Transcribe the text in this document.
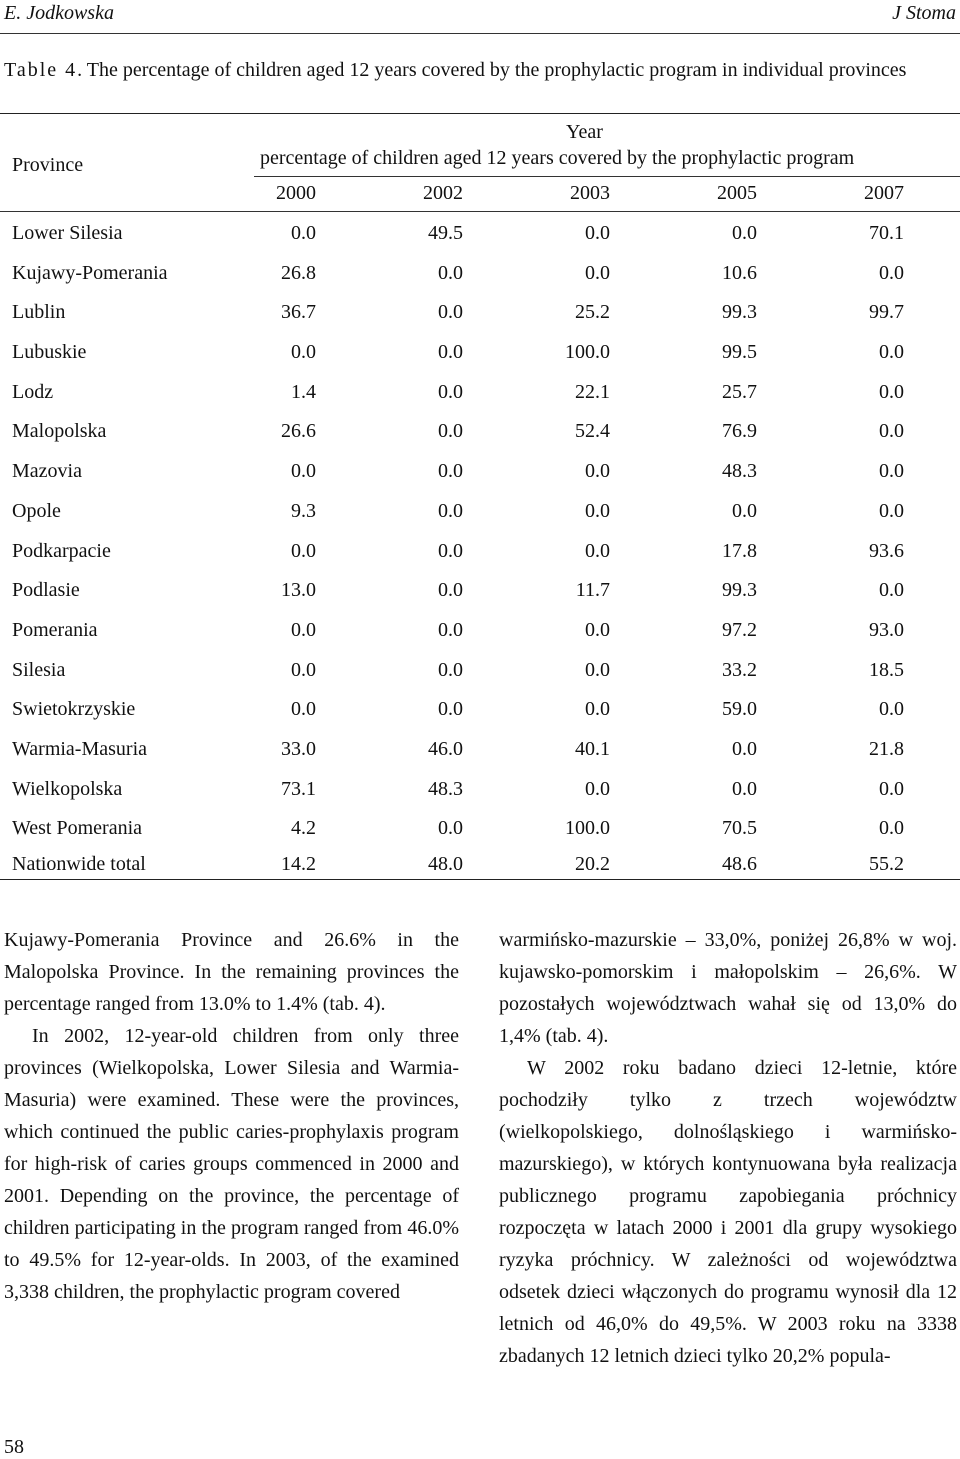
E. Jodkowska	J Stoma
Table 4. The percentage of children aged 12 years covered by the prophylactic program in individual provinces
Province
Year
percentage of children aged 12 years covered by the prophylactic program
2000	2002	2003	2005	2007
Lower Silesia	0.0	49.5	0.0	0.0	70.1
Kujawy-Pomerania	26.8	0.0	0.0	10.6	0.0
Lublin	36.7	0.0	25.2	99.3	99.7
Lubuskie	0.0	0.0	100.0	99.5	0.0
Lodz	1.4	0.0	22.1	25.7	0.0
Malopolska	26.6	0.0	52.4	76.9	0.0
Mazovia	0.0	0.0	0.0	48.3	0.0
Opole	9.3	0.0	0.0	0.0	0.0
Podkarpacie	0.0	0.0	0.0	17.8	93.6
Podlasie	13.0	0.0	11.7	99.3	0.0
Pomerania	0.0	0.0	0.0	97.2	93.0
Silesia	0.0	0.0	0.0	33.2	18.5
Swietokrzyskie	0.0	0.0	0.0	59.0	0.0
Warmia-Masuria	33.0	46.0	40.1	0.0	21.8
Wielkopolska	73.1	48.3	0.0	0.0	0.0
West Pomerania	4.2	0.0	100.0	70.5	0.0
Nationwide total	14.2	48.0	20.2	48.6	55.2

Kujawy-Pomerania Province and 26.6% in the Malopolska Province. In the remaining provinces the percentage ranged from 13.0% to 1.4% (tab. 4).

In 2002, 12-year-old children from only three provinces (Wielkopolska, Lower Silesia and Warmia-Masuria) were examined. These were the provinces, which continued the public caries-prophylaxis program for high-risk of caries groups commenced in 2000 and 2001. Depending on the province, the percentage of children participating in the program ranged from 46.0% to 49.5% for 12-year-olds. In 2003, of the examined 3,338 children, the prophylactic program covered

warmińsko-mazurskie – 33,0%, poniżej 26,8% w woj. kujawsko-pomorskim i małopolskim – 26,6%. W pozostałych województwach wahał się od 13,0% do 1,4% (tab. 4).

W 2002 roku badano dzieci 12-letnie, które pochodziły tylko z trzech województw (wielkopolskiego, dolnośląskiego i warmińsko-mazurskiego), w których kontynuowana była realizacja publicznego programu zapobiegania próchnicy rozpoczęta w latach 2000 i 2001 dla grupy wysokiego ryzyka próchnicy. W zależności od województwa odsetek dzieci włączonych do programu wynosił dla 12 letnich od 46,0% do 49,5%. W 2003 roku na 3338 zbadanych 12 letnich dzieci tylko 20,2% popula-

58
